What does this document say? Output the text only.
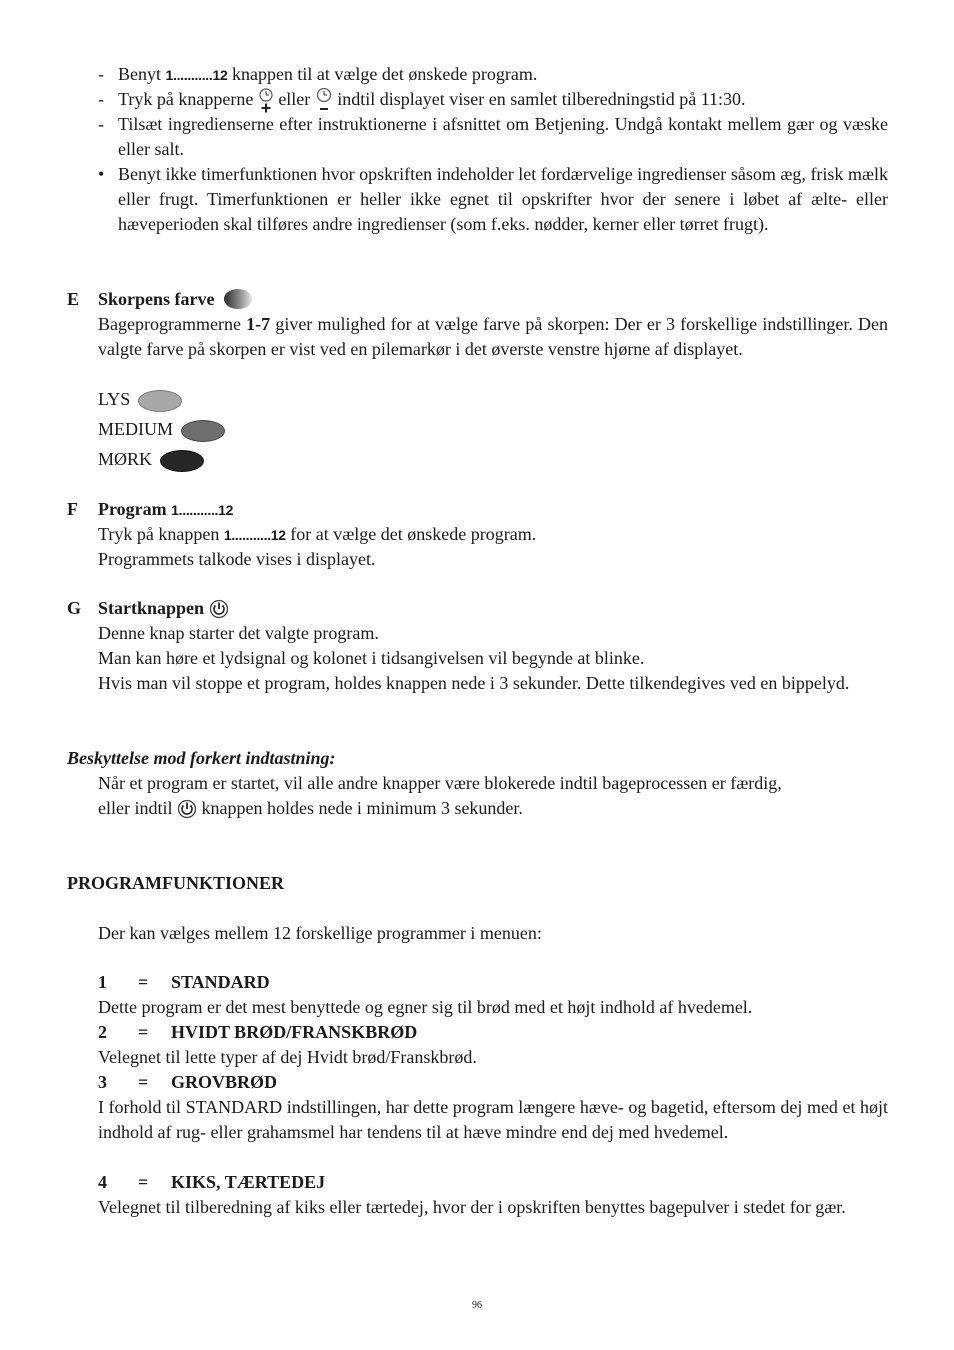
- Benyt 1...........12 knappen til at vælge det ønskede program.
- Tryk på knapperne eller indtil displayet viser en samlet tilberedningstid på 11:30.
- Tilsæt ingredienserne efter instruktionerne i afsnittet om Betjening. Undgå kontakt mellem gær og væske eller salt.
• Benyt ikke timerfunktionen hvor opskriften indeholder let fordærvelige ingredienser såsom æg, frisk mælk eller frugt. Timerfunktionen er heller ikke egnet til opskrifter hvor der senere i løbet af ælte- eller hæveperioden skal tilføres andre ingredienser (som f.eks. nødder, kerner eller tørret frugt).
E Skorpens farve
Bageprogrammerne 1-7 giver mulighed for at vælge farve på skorpen: Der er 3 forskellige indstillinger. Den valgte farve på skorpen er vist ved en pilemarkør i det øverste venstre hjørne af displayet.
LYS
MEDIUM
MØRK
F Program 1...........12
Tryk på knappen 1...........12 for at vælge det ønskede program.
Programmets talkode vises i displayet.
G Startknappen
Denne knap starter det valgte program.
Man kan høre et lydsignal og kolonet i tidsangivelsen vil begynde at blinke.
Hvis man vil stoppe et program, holdes knappen nede i 3 sekunder. Dette tilkendegives ved en bippelyd.
Beskyttelse mod forkert indtastning:
Når et program er startet, vil alle andre knapper være blokerede indtil bageprocessen er færdig,
eller indtil knappen holdes nede i minimum 3 sekunder.
PROGRAMFUNKTIONER
Der kan vælges mellem 12 forskellige programmer i menuen:
1 = STANDARD
Dette program er det mest benyttede og egner sig til brød med et højt indhold af hvedemel.
2 = HVIDT BRØD/FRANSKBRØD
Velegnet til lette typer af dej Hvidt brød/Franskbrød.
3 = GROVBRØD
I forhold til STANDARD indstillingen, har dette program længere hæve- og bagetid, eftersom dej med et højt indhold af rug- eller grahamsmel har tendens til at hæve mindre end dej med hvedemel.
4 = KIKS, TÆRTEDEJ
Velegnet til tilberedning af kiks eller tærtedej, hvor der i opskriften benyttes bagepulver i stedet for gær.
96
